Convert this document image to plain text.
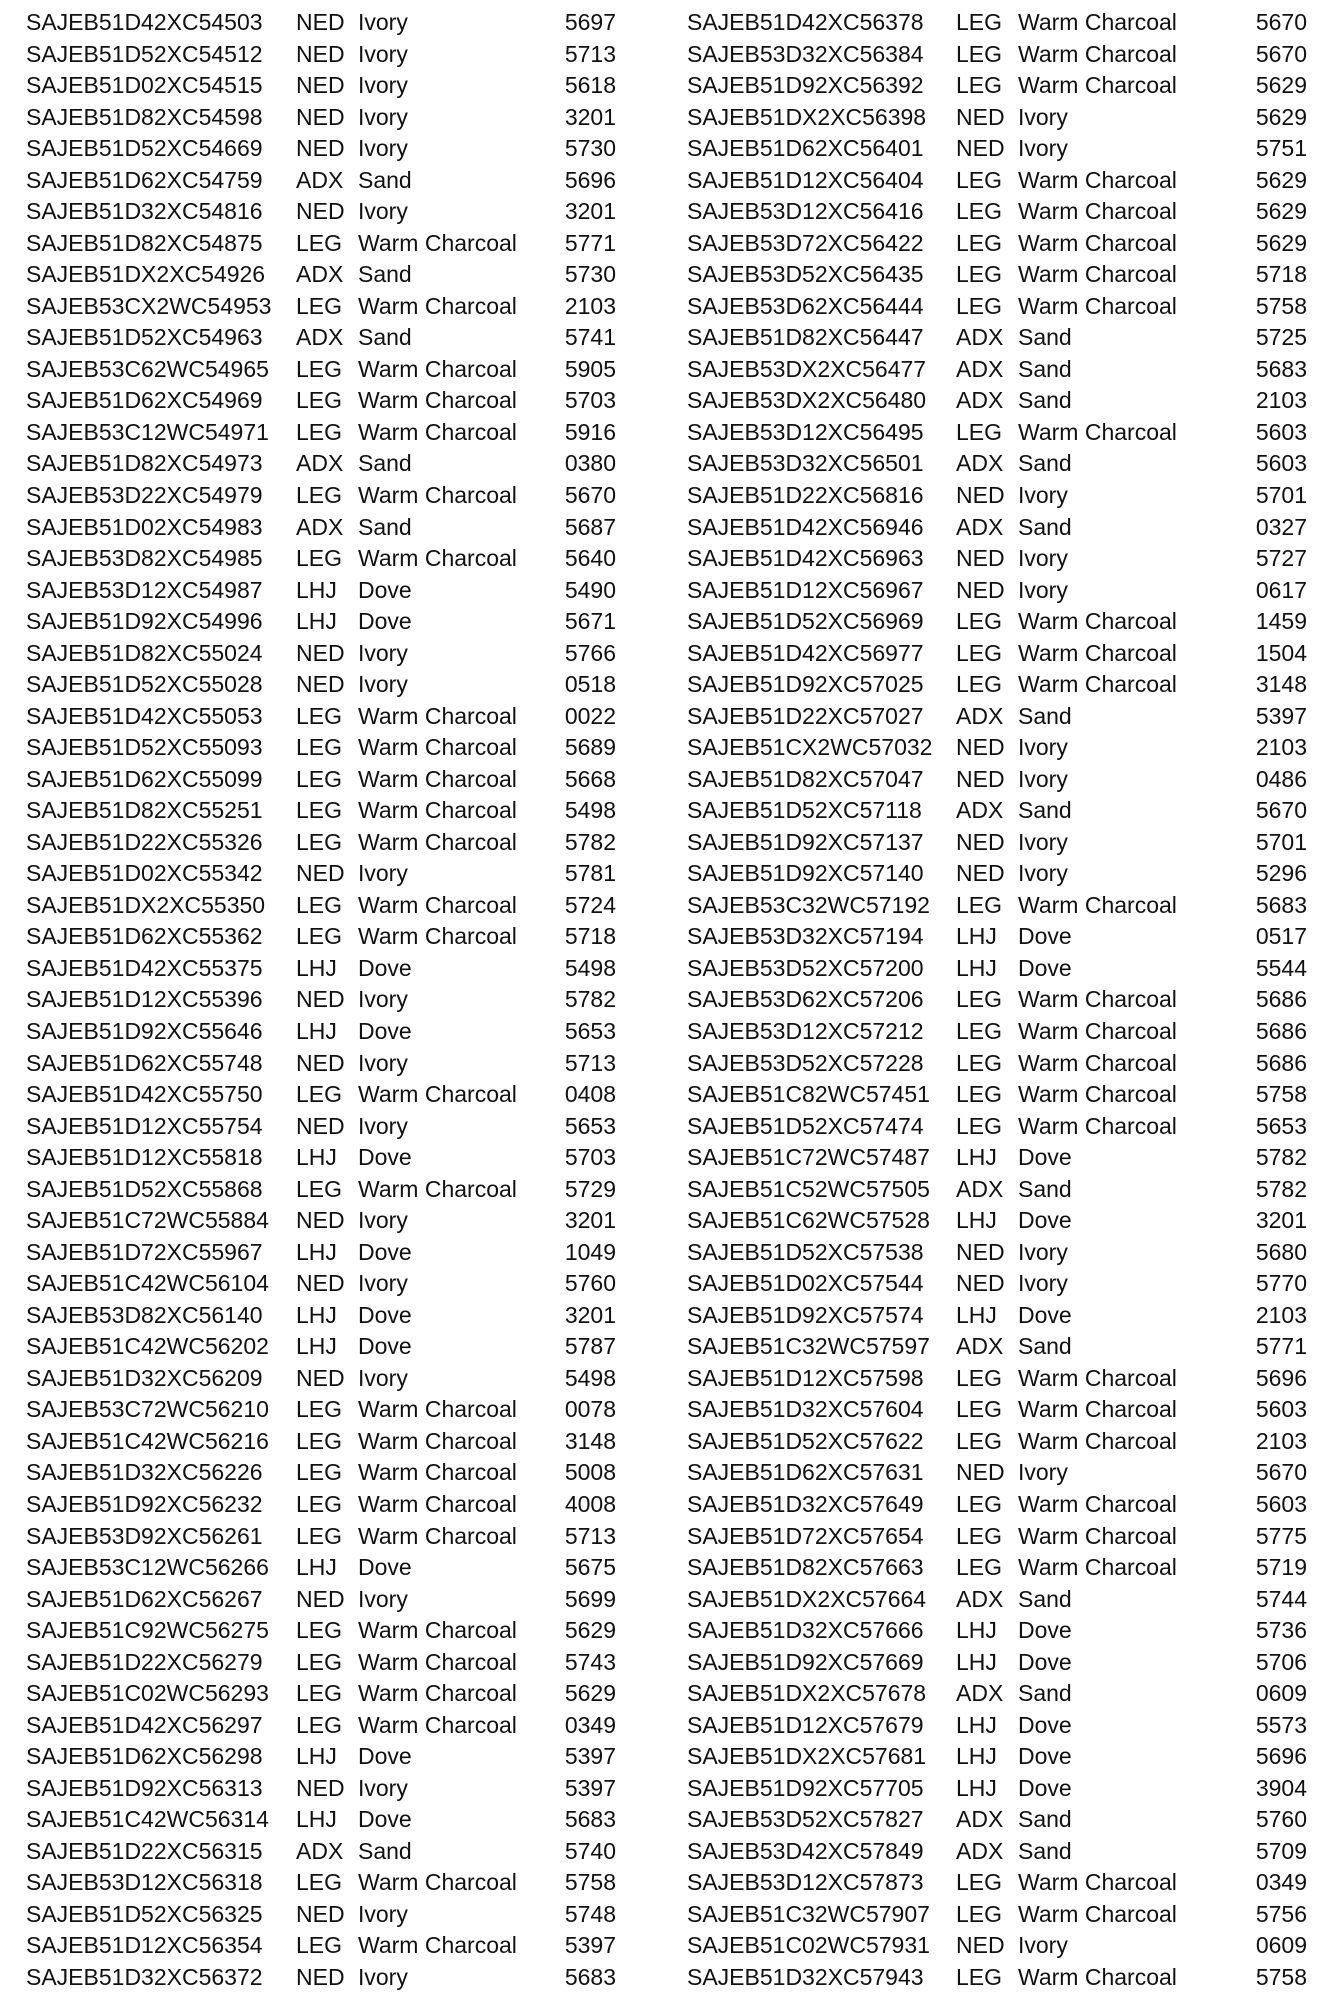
SAJEB51D42XC54503 NED Ivory	5697
SAJEB51D52XC54512 NED Ivory	5713
SAJEB51D02XC54515 NED Ivory	5618
SAJEB51D82XC54598 NED Ivory	3201
SAJEB51D52XC54669 NED Ivory	5730
SAJEB51D62XC54759 ADX Sand	5696
SAJEB51D32XC54816 NED Ivory	3201
SAJEB51D82XC54875 LEG Warm Charcoal	5771
SAJEB51DX2XC54926 ADX Sand	5730
SAJEB53CX2WC54953 LEG Warm Charcoal	2103
SAJEB51D52XC54963 ADX Sand	5741
SAJEB53C62WC54965 LEG Warm Charcoal	5905
SAJEB51D62XC54969 LEG Warm Charcoal	5703
SAJEB53C12WC54971 LEG Warm Charcoal	5916
SAJEB51D82XC54973 ADX Sand	0380
SAJEB53D22XC54979 LEG Warm Charcoal	5670
SAJEB51D02XC54983 ADX Sand	5687
SAJEB53D82XC54985 LEG Warm Charcoal	5640
SAJEB53D12XC54987 LHJ Dove	5490
SAJEB51D92XC54996 LHJ Dove	5671
SAJEB51D82XC55024 NED Ivory	5766
SAJEB51D52XC55028 NED Ivory	0518
SAJEB51D42XC55053 LEG Warm Charcoal	0022
SAJEB51D52XC55093 LEG Warm Charcoal	5689
SAJEB51D62XC55099 LEG Warm Charcoal	5668
SAJEB51D82XC55251 LEG Warm Charcoal	5498
SAJEB51D22XC55326 LEG Warm Charcoal	5782
SAJEB51D02XC55342 NED Ivory	5781
SAJEB51DX2XC55350 LEG Warm Charcoal	5724
SAJEB51D62XC55362 LEG Warm Charcoal	5718
SAJEB51D42XC55375 LHJ Dove	5498
SAJEB51D12XC55396 NED Ivory	5782
SAJEB51D92XC55646 LHJ Dove	5653
SAJEB51D62XC55748 NED Ivory	5713
SAJEB51D42XC55750 LEG Warm Charcoal	0408
SAJEB51D12XC55754 NED Ivory	5653
SAJEB51D12XC55818 LHJ Dove	5703
SAJEB51D52XC55868 LEG Warm Charcoal	5729
SAJEB51C72WC55884 NED Ivory	3201
SAJEB51D72XC55967 LHJ Dove	1049
SAJEB51C42WC56104 NED Ivory	5760
SAJEB53D82XC56140 LHJ Dove	3201
SAJEB51C42WC56202 LHJ Dove	5787
SAJEB51D32XC56209 NED Ivory	5498
SAJEB53C72WC56210 LEG Warm Charcoal	0078
SAJEB51C42WC56216 LEG Warm Charcoal	3148
SAJEB51D32XC56226 LEG Warm Charcoal	5008
SAJEB51D92XC56232 LEG Warm Charcoal	4008
SAJEB53D92XC56261 LEG Warm Charcoal	5713
SAJEB53C12WC56266 LHJ Dove	5675
SAJEB51D62XC56267 NED Ivory	5699
SAJEB51C92WC56275 LEG Warm Charcoal	5629
SAJEB51D22XC56279 LEG Warm Charcoal	5743
SAJEB51C02WC56293 LEG Warm Charcoal	5629
SAJEB51D42XC56297 LEG Warm Charcoal	0349
SAJEB51D62XC56298 LHJ Dove	5397
SAJEB51D92XC56313 NED Ivory	5397
SAJEB51C42WC56314 LHJ Dove	5683
SAJEB51D22XC56315 ADX Sand	5740
SAJEB53D12XC56318 LEG Warm Charcoal	5758
SAJEB51D52XC56325 NED Ivory	5748
SAJEB51D12XC56354 LEG Warm Charcoal	5397
SAJEB51D32XC56372 NED Ivory	5683
SAJEB51D42XC56378 LEG Warm Charcoal	5670
SAJEB53D32XC56384 LEG Warm Charcoal	5670
SAJEB51D92XC56392 LEG Warm Charcoal	5629
SAJEB51DX2XC56398 NED Ivory	5629
SAJEB51D62XC56401 NED Ivory	5751
SAJEB51D12XC56404 LEG Warm Charcoal	5629
SAJEB53D12XC56416 LEG Warm Charcoal	5629
SAJEB53D72XC56422 LEG Warm Charcoal	5629
SAJEB53D52XC56435 LEG Warm Charcoal	5718
SAJEB53D62XC56444 LEG Warm Charcoal	5758
SAJEB51D82XC56447 ADX Sand	5725
SAJEB53DX2XC56477 ADX Sand	5683
SAJEB53DX2XC56480 ADX Sand	2103
SAJEB53D12XC56495 LEG Warm Charcoal	5603
SAJEB53D32XC56501 ADX Sand	5603
SAJEB51D22XC56816 NED Ivory	5701
SAJEB51D42XC56946 ADX Sand	0327
SAJEB51D42XC56963 NED Ivory	5727
SAJEB51D12XC56967 NED Ivory	0617
SAJEB51D52XC56969 LEG Warm Charcoal	1459
SAJEB51D42XC56977 LEG Warm Charcoal	1504
SAJEB51D92XC57025 LEG Warm Charcoal	3148
SAJEB51D22XC57027 ADX Sand	5397
SAJEB51CX2WC57032 NED Ivory	2103
SAJEB51D82XC57047 NED Ivory	0486
SAJEB51D52XC57118 ADX Sand	5670
SAJEB51D92XC57137 NED Ivory	5701
SAJEB51D92XC57140 NED Ivory	5296
SAJEB53C32WC57192 LEG Warm Charcoal	5683
SAJEB53D32XC57194 LHJ Dove	0517
SAJEB53D52XC57200 LHJ Dove	5544
SAJEB53D62XC57206 LEG Warm Charcoal	5686
SAJEB53D12XC57212 LEG Warm Charcoal	5686
SAJEB53D52XC57228 LEG Warm Charcoal	5686
SAJEB51C82WC57451 LEG Warm Charcoal	5758
SAJEB51D52XC57474 LEG Warm Charcoal	5653
SAJEB51C72WC57487 LHJ Dove	5782
SAJEB51C52WC57505 ADX Sand	5782
SAJEB51C62WC57528 LHJ Dove	3201
SAJEB51D52XC57538 NED Ivory	5680
SAJEB51D02XC57544 NED Ivory	5770
SAJEB51D92XC57574 LHJ Dove	2103
SAJEB51C32WC57597 ADX Sand	5771
SAJEB51D12XC57598 LEG Warm Charcoal	5696
SAJEB51D32XC57604 LEG Warm Charcoal	5603
SAJEB51D52XC57622 LEG Warm Charcoal	2103
SAJEB51D62XC57631 NED Ivory	5670
SAJEB51D32XC57649 LEG Warm Charcoal	5603
SAJEB51D72XC57654 LEG Warm Charcoal	5775
SAJEB51D82XC57663 LEG Warm Charcoal	5719
SAJEB51DX2XC57664 ADX Sand	5744
SAJEB51D32XC57666 LHJ Dove	5736
SAJEB51D92XC57669 LHJ Dove	5706
SAJEB51DX2XC57678 ADX Sand	0609
SAJEB51D12XC57679 LHJ Dove	5573
SAJEB51DX2XC57681 LHJ Dove	5696
SAJEB51D92XC57705 LHJ Dove	3904
SAJEB53D52XC57827 ADX Sand	5760
SAJEB53D42XC57849 ADX Sand	5709
SAJEB53D12XC57873 LEG Warm Charcoal	0349
SAJEB51C32WC57907 LEG Warm Charcoal	5756
SAJEB51C02WC57931 NED Ivory	0609
SAJEB51D32XC57943 LEG Warm Charcoal	5758
